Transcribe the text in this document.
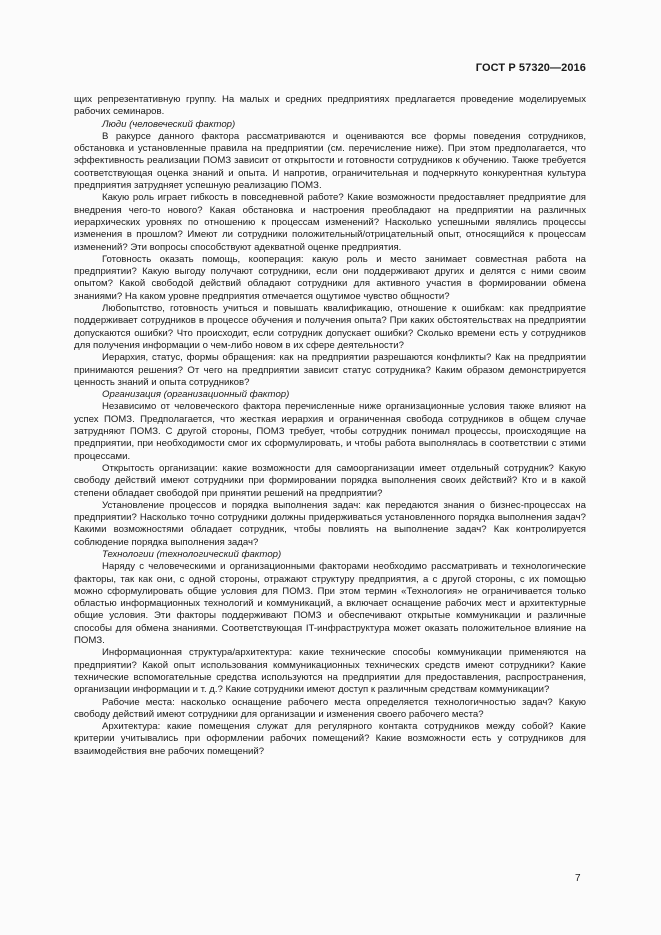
ГОСТ Р 57320—2016

щих репрезентативную группу. На малых и средних предприятиях предлагается проведение моделируемых рабочих семинаров.

Люди (человеческий фактор)

В ракурсе данного фактора рассматриваются и оцениваются все формы поведения сотрудников, обстановка и установленные правила на предприятии (см. перечисление ниже). При этом предполагается, что эффективность реализации ПОМЗ зависит от открытости и готовности сотрудников к обучению. Также требуется соответствующая оценка знаний и опыта. И напротив, ограничительная и подчеркнуто конкурентная культура предприятия затрудняет успешную реализацию ПОМЗ.

Какую роль играет гибкость в повседневной работе? Какие возможности предоставляет предприятие для внедрения чего-то нового? Какая обстановка и настроения преобладают на предприятии на различных иерархических уровнях по отношению к процессам изменений? Насколько успешными являлись процессы изменения в прошлом? Имеют ли сотрудники положительный/отрицательный опыт, относящийся к процессам изменений? Эти вопросы способствуют адекватной оценке предприятия.

Готовность оказать помощь, кооперация: какую роль и место занимает совместная работа на предприятии? Какую выгоду получают сотрудники, если они поддерживают других и делятся с ними своим опытом? Какой свободой действий обладают сотрудники для активного участия в формировании обмена знаниями? На каком уровне предприятия отмечается ощутимое чувство общности?

Любопытство, готовность учиться и повышать квалификацию, отношение к ошибкам: как предприятие поддерживает сотрудников в процессе обучения и получения опыта? При каких обстоятельствах на предприятии допускаются ошибки? Что происходит, если сотрудник допускает ошибки? Сколько времени есть у сотрудников для получения информации о чем-либо новом в их сфере деятельности?

Иерархия, статус, формы обращения: как на предприятии разрешаются конфликты? Как на предприятии принимаются решения? От чего на предприятии зависит статус сотрудника? Каким образом демонстрируется ценность знаний и опыта сотрудников?

Организация (организационный фактор)

Независимо от человеческого фактора перечисленные ниже организационные условия также влияют на успех ПОМЗ. Предполагается, что жесткая иерархия и ограниченная свобода сотрудников в общем случае затрудняют ПОМЗ. С другой стороны, ПОМЗ требует, чтобы сотрудник понимал процессы, происходящие на предприятии, при необходимости смог их сформулировать, и чтобы работа выполнялась в соответствии с этими процессами.

Открытость организации: какие возможности для самоорганизации имеет отдельный сотрудник? Какую свободу действий имеют сотрудники при формировании порядка выполнения своих действий? Кто и в какой степени обладает свободой при принятии решений на предприятии?

Установление процессов и порядка выполнения задач: как передаются знания о бизнес-процессах на предприятии? Насколько точно сотрудники должны придерживаться установленного порядка выполнения задач? Какими возможностями обладает сотрудник, чтобы повлиять на выполнение задач? Как контролируется соблюдение порядка выполнения задач?

Технологии (технологический фактор)

Наряду с человеческими и организационными факторами необходимо рассматривать и технологические факторы, так как они, с одной стороны, отражают структуру предприятия, а с другой стороны, с их помощью можно сформулировать общие условия для ПОМЗ. При этом термин «Технология» не ограничивается только областью информационных технологий и коммуникаций, а включает оснащение рабочих мест и архитектурные общие условия. Эти факторы поддерживают ПОМЗ и обеспечивают открытые коммуникации и различные способы для обмена знаниями. Соответствующая IT-инфраструктура может оказать положительное влияние на ПОМЗ.

Информационная структура/архитектура: какие технические способы коммуникации применяются на предприятии? Какой опыт использования коммуникационных технических средств имеют сотрудники? Какие технические вспомогательные средства используются на предприятии для предоставления, распространения, организации информации и т. д.? Какие сотрудники имеют доступ к различным средствам коммуникации?

Рабочие места: насколько оснащение рабочего места определяется технологичностью задач? Какую свободу действий имеют сотрудники для организации и изменения своего рабочего места?

Архитектура: какие помещения служат для регулярного контакта сотрудников между собой? Какие критерии учитывались при оформлении рабочих помещений? Какие возможности есть у сотрудников для взаимодействия вне рабочих помещений?

7
